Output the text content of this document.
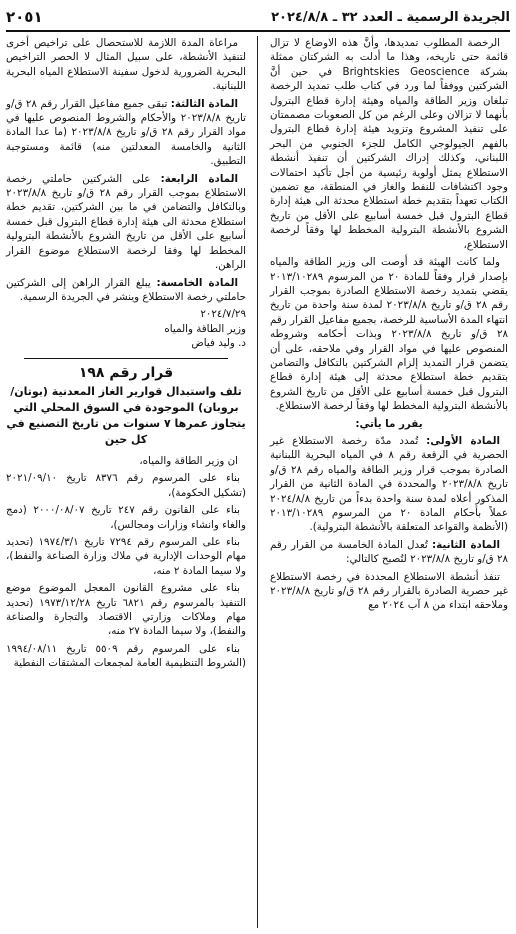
الجريدة الرسمية ـ العدد ٣٢ ـ ٢٠٢٤/٨/٨
٢٠٥١

الرخصة المطلوب تمديدها، وأنَّ هذه الاوضاع لا تزال قائمة حتى تاريخه، وهذا ما أدلت به الشركتان ممثلة بشركة Brightskies Geoscience في حين أنَّ الشركتين ووفقاً لما ورد في كتاب طلب تمديد الرخصة تبلغان وزير الطاقة والمياه وهيئة إدارة قطاع البترول بأنهما لا تزالان وعلى الرغم من كل الصعوبات مصممتان على تنفيذ المشروع وتزويد هيئة إدارة قطاع البترول بالفهم الجيولوجي الكامل للجزء الجنوبي من البحر اللبناني، وكذلك إدراك الشركتين أن تنفيذ أنشطة الاستطلاع يمثل أولوية رئيسية من أجل تأكيد احتمالات وجود اكتشافات للنفط والغاز في المنطقة، مع تضمين الكتاب تعهداً بتقديم خطة استطلاع محدثة الى هيئة إدارة قطاع البترول قبل خمسة أسابيع على الأقل من تاريخ الشروع بالأنشطة البترولية المخطط لها وفقاً لرخصة الاستطلاع،

ولما كانت الهيئة قد أوصت الى وزير الطاقة والمياه بإصدار قرار وفقاً للمادة ٢٠ من المرسوم ٢٠١٣/١٠٢٨٩ يقضي بتمديد رخصة الاستطلاع الصادرة بموجب القرار رقم ٢٨ ق/و تاريخ ٢٠٢٣/٨/٨ لمدة سنة واحدة من تاريخ انتهاء المدة الأساسية للرخصة، بجميع مفاعيل القرار رقم ٢٨ ق/و تاريخ ٢٠٢٣/٨/٨ وبذات أحكامه وشروطه المنصوص عليها في مواد القرار وفي ملاحقه، على أن يتضمن قرار التمديد إلزام الشركتين بالتكافل والتضامن بتقديم خطة استطلاع محدثة إلى هيئة إدارة قطاع البترول قبل خمسة أسابيع على الأقل من تاريخ الشروع بالأنشطة البترولية المخطط لها وفقاً لرخصة الاستطلاع.

يقرر ما يأتي:

المادة الأولى: تُمدد مدّة رخصة الاستطلاع غير الحصرية في الرقعة رقم ٨ في المياه البحرية اللبنانية الصادرة بموجب قرار وزير الطاقة والمياه رقم ٢٨ ق/و تاريخ ٢٠٢٣/٨/٨ والمحددة في المادة الثانية من القرار المذكور أعلاه لمدة سنة واحدة بدءاً من تاريخ ٢٠٢٤/٨/٨ عملاً بأحكام المادة ٢٠ من المرسوم ٢٠١٣/١٠٢٨٩ (الأنظمة والقواعد المتعلقة بالأنشطة البترولية).

المادة الثانية: تُعدل المادة الخامسة من القرار رقم ٢٨ ق/و تاريخ ٢٠٢٣/٨/٨ لتُصبح كالتالي:

تنفذ أنشطة الاستطلاع المحددة في رخصة الاستطلاع غير حصرية الصادرة بالقرار رقم ٢٨ ق/و تاريخ ٢٠٢٣/٨/٨ وملاحقه ابتداء من ٨ آب ٢٠٢٤ مع

مراعاة المدة اللازمة للاستحصال على تراخيص أخرى لتنفيذ الأنشطة، على سبيل المثال لا الحصر التراخيص البحرية الضرورية لدخول سفينة الاستطلاع المياه البحرية اللبنانية.

المادة الثالثة: تبقى جميع مفاعيل القرار رقم ٢٨ ق/و تاريخ ٢٠٢٣/٨/٨ والأحكام والشروط المنصوص عليها في مواد القرار رقم ٢٨ ق/و تاريخ ٢٠٢٣/٨/٨ (ما عدا المادة الثانية والخامسة المعدلتين منه) قائمة ومستوجبة التطبيق.

المادة الرابعة: على الشركتين حاملتي رخصة الاستطلاع بموجب القرار رقم ٢٨ ق/و تاريخ ٢٠٢٣/٨/٨ وبالتكافل والتضامن في ما بين الشركتين، تقديم خطة استطلاع محدثة الى هيئة إدارة قطاع البترول قبل خمسة أسابيع على الأقل من تاريخ الشروع بالأنشطة البترولية المخطط لها وفقا لرخصة الاستطلاع موضوع القرار الراهن.

المادة الخامسة: يبلغ القرار الراهن إلى الشركتين حاملتي رخصة الاستطلاع وينشر في الجريدة الرسمية.

٢٠٢٤/٧/٢٩

وزير الطاقة والمياه

د. وليد فياض

قرار رقم ١٩٨
تلف واستبدال قوارير الغاز المعدنية (بوتان/بروبان) الموجودة في السوق المحلي التي يتجاوز عمرها ٧ سنوات من تاريخ التصنيع في كل حين

ان وزير الطاقة والمياه،

بناء على المرسوم رقم ٨٣٧٦ تاريخ ٢٠٢١/٠٩/١٠ (تشكيل الحكومة)،

بناء على القانون رقم ٢٤٧ تاريخ ٢٠٠٠/٠٨/٠٧ (دمج والغاء وانشاء وزارات ومجالس)،

بناء على المرسوم رقم ٧٢٩٤ تاريخ ١٩٧٤/٣/١ (تحديد مهام الوحدات الإدارية في ملاك وزارة الصناعة والنفط)، ولا سيما المادة ٢ منه،

بناء على مشروع القانون المعجل الموضوع موضع التنفيذ بالمرسوم رقم ٦٨٢١ تاريخ ١٩٧٣/١٢/٢٨ (تحديد مهام وملاكات وزارتي الاقتصاد والتجارة والصناعة والنفط)، ولا سيما المادة ٢٧ منه،

بناء على المرسوم رقم ٥٥٠٩ تاريخ ١٩٩٤/٠٨/١١ (الشروط التنظيمية العامة لمجمعات المشتقات النفطية
